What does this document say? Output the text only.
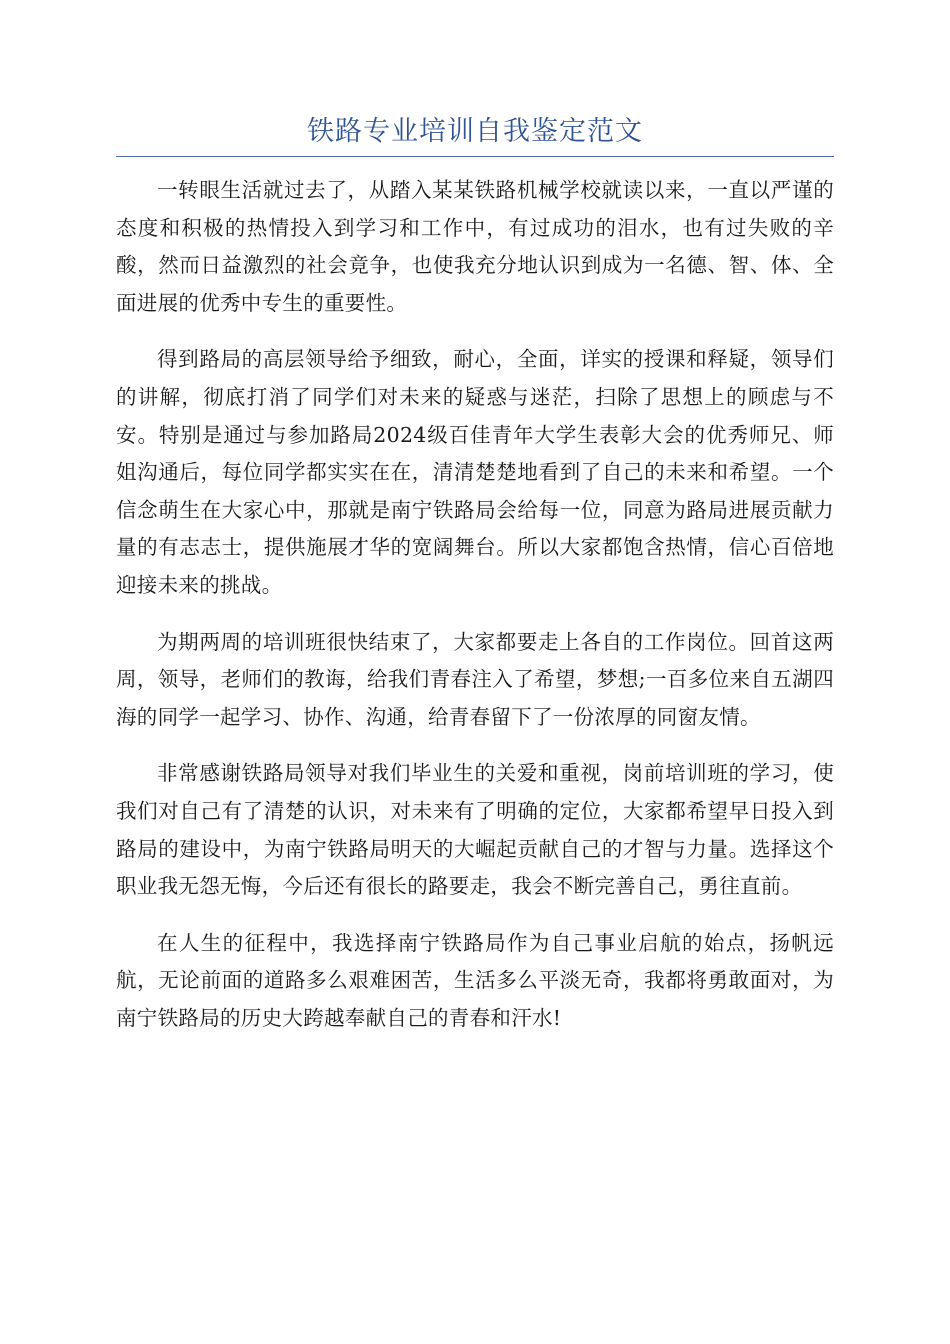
铁路专业培训自我鉴定范文

一转眼生活就过去了，从踏入某某铁路机械学校就读以来，一直以严谨的态度和积极的热情投入到学习和工作中，有过成功的泪水，也有过失败的辛酸，然而日益激烈的社会竟争，也使我充分地认识到成为一名德、智、体、全面进展的优秀中专生的重要性。

得到路局的高层领导给予细致，耐心，全面，详实的授课和释疑，领导们的讲解，彻底打消了同学们对未来的疑惑与迷茫，扫除了思想上的顾虑与不安。特别是通过与参加路局2024级百佳青年大学生表彰大会的优秀师兄、师姐沟通后，每位同学都实实在在，清清楚楚地看到了自己的未来和希望。一个信念萌生在大家心中，那就是南宁铁路局会给每一位，同意为路局进展贡献力量的有志志士，提供施展才华的宽阔舞台。所以大家都饱含热情，信心百倍地迎接未来的挑战。

为期两周的培训班很快结束了，大家都要走上各自的工作岗位。回首这两周，领导，老师们的教诲，给我们青春注入了希望，梦想;一百多位来自五湖四海的同学一起学习、协作、沟通，给青春留下了一份浓厚的同窗友情。

非常感谢铁路局领导对我们毕业生的关爱和重视，岗前培训班的学习，使我们对自己有了清楚的认识，对未来有了明确的定位，大家都希望早日投入到路局的建设中，为南宁铁路局明天的大崛起贡献自己的才智与力量。选择这个职业我无怨无悔，今后还有很长的路要走，我会不断完善自己，勇往直前。

在人生的征程中，我选择南宁铁路局作为自己事业启航的始点，扬帆远航，无论前面的道路多么艰难困苦，生活多么平淡无奇，我都将勇敢面对，为南宁铁路局的历史大跨越奉献自己的青春和汗水!
